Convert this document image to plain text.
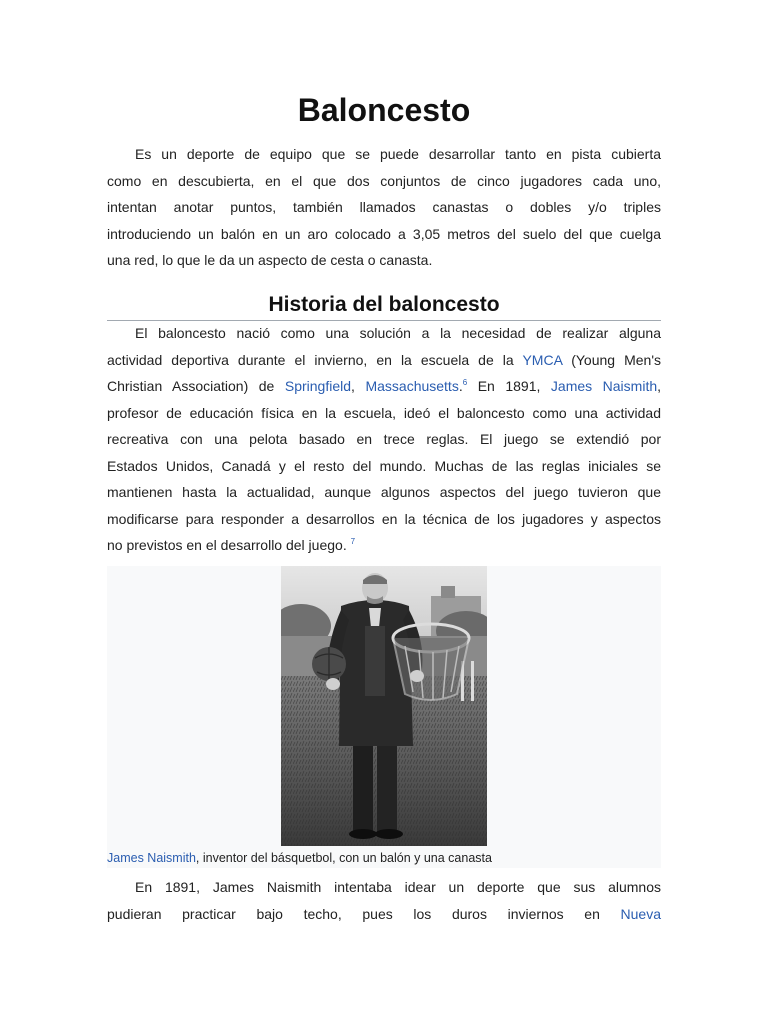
Baloncesto

Es un deporte de equipo que se puede desarrollar tanto en pista cubierta
como en descubierta, en el que dos conjuntos de cinco jugadores cada uno,
intentan anotar puntos, también llamados canastas o dobles y/o triples
introduciendo un balón en un aro colocado a 3,05 metros del suelo del que cuelga
una red, lo que le da un aspecto de cesta o canasta.

Historia del baloncesto

El baloncesto nació como una solución a la necesidad de realizar alguna
actividad deportiva durante el invierno, en la escuela de la YMCA (Young Men's
Christian Association) de Springfield, Massachusetts.$^6$ En 1891, James Naismith,
profesor de educación física en la escuela, ideó el baloncesto como una actividad
recreativa con una pelota basado en trece reglas. El juego se extendió por
Estados Unidos, Canadá y el resto del mundo. Muchas de las reglas iniciales se
mantienen hasta la actualidad, aunque algunos aspectos del juego tuvieron que
modificarse para responder a desarrollos en la técnica de los jugadores y aspectos
no previstos en el desarrollo del juego. $^7$

James Naismith, inventor del básquetbol, con un balón y una canasta

En 1891, James Naismith intentaba idear un deporte que sus alumnos
pudieran practicar bajo techo, pues los duros inviernos en Nueva
